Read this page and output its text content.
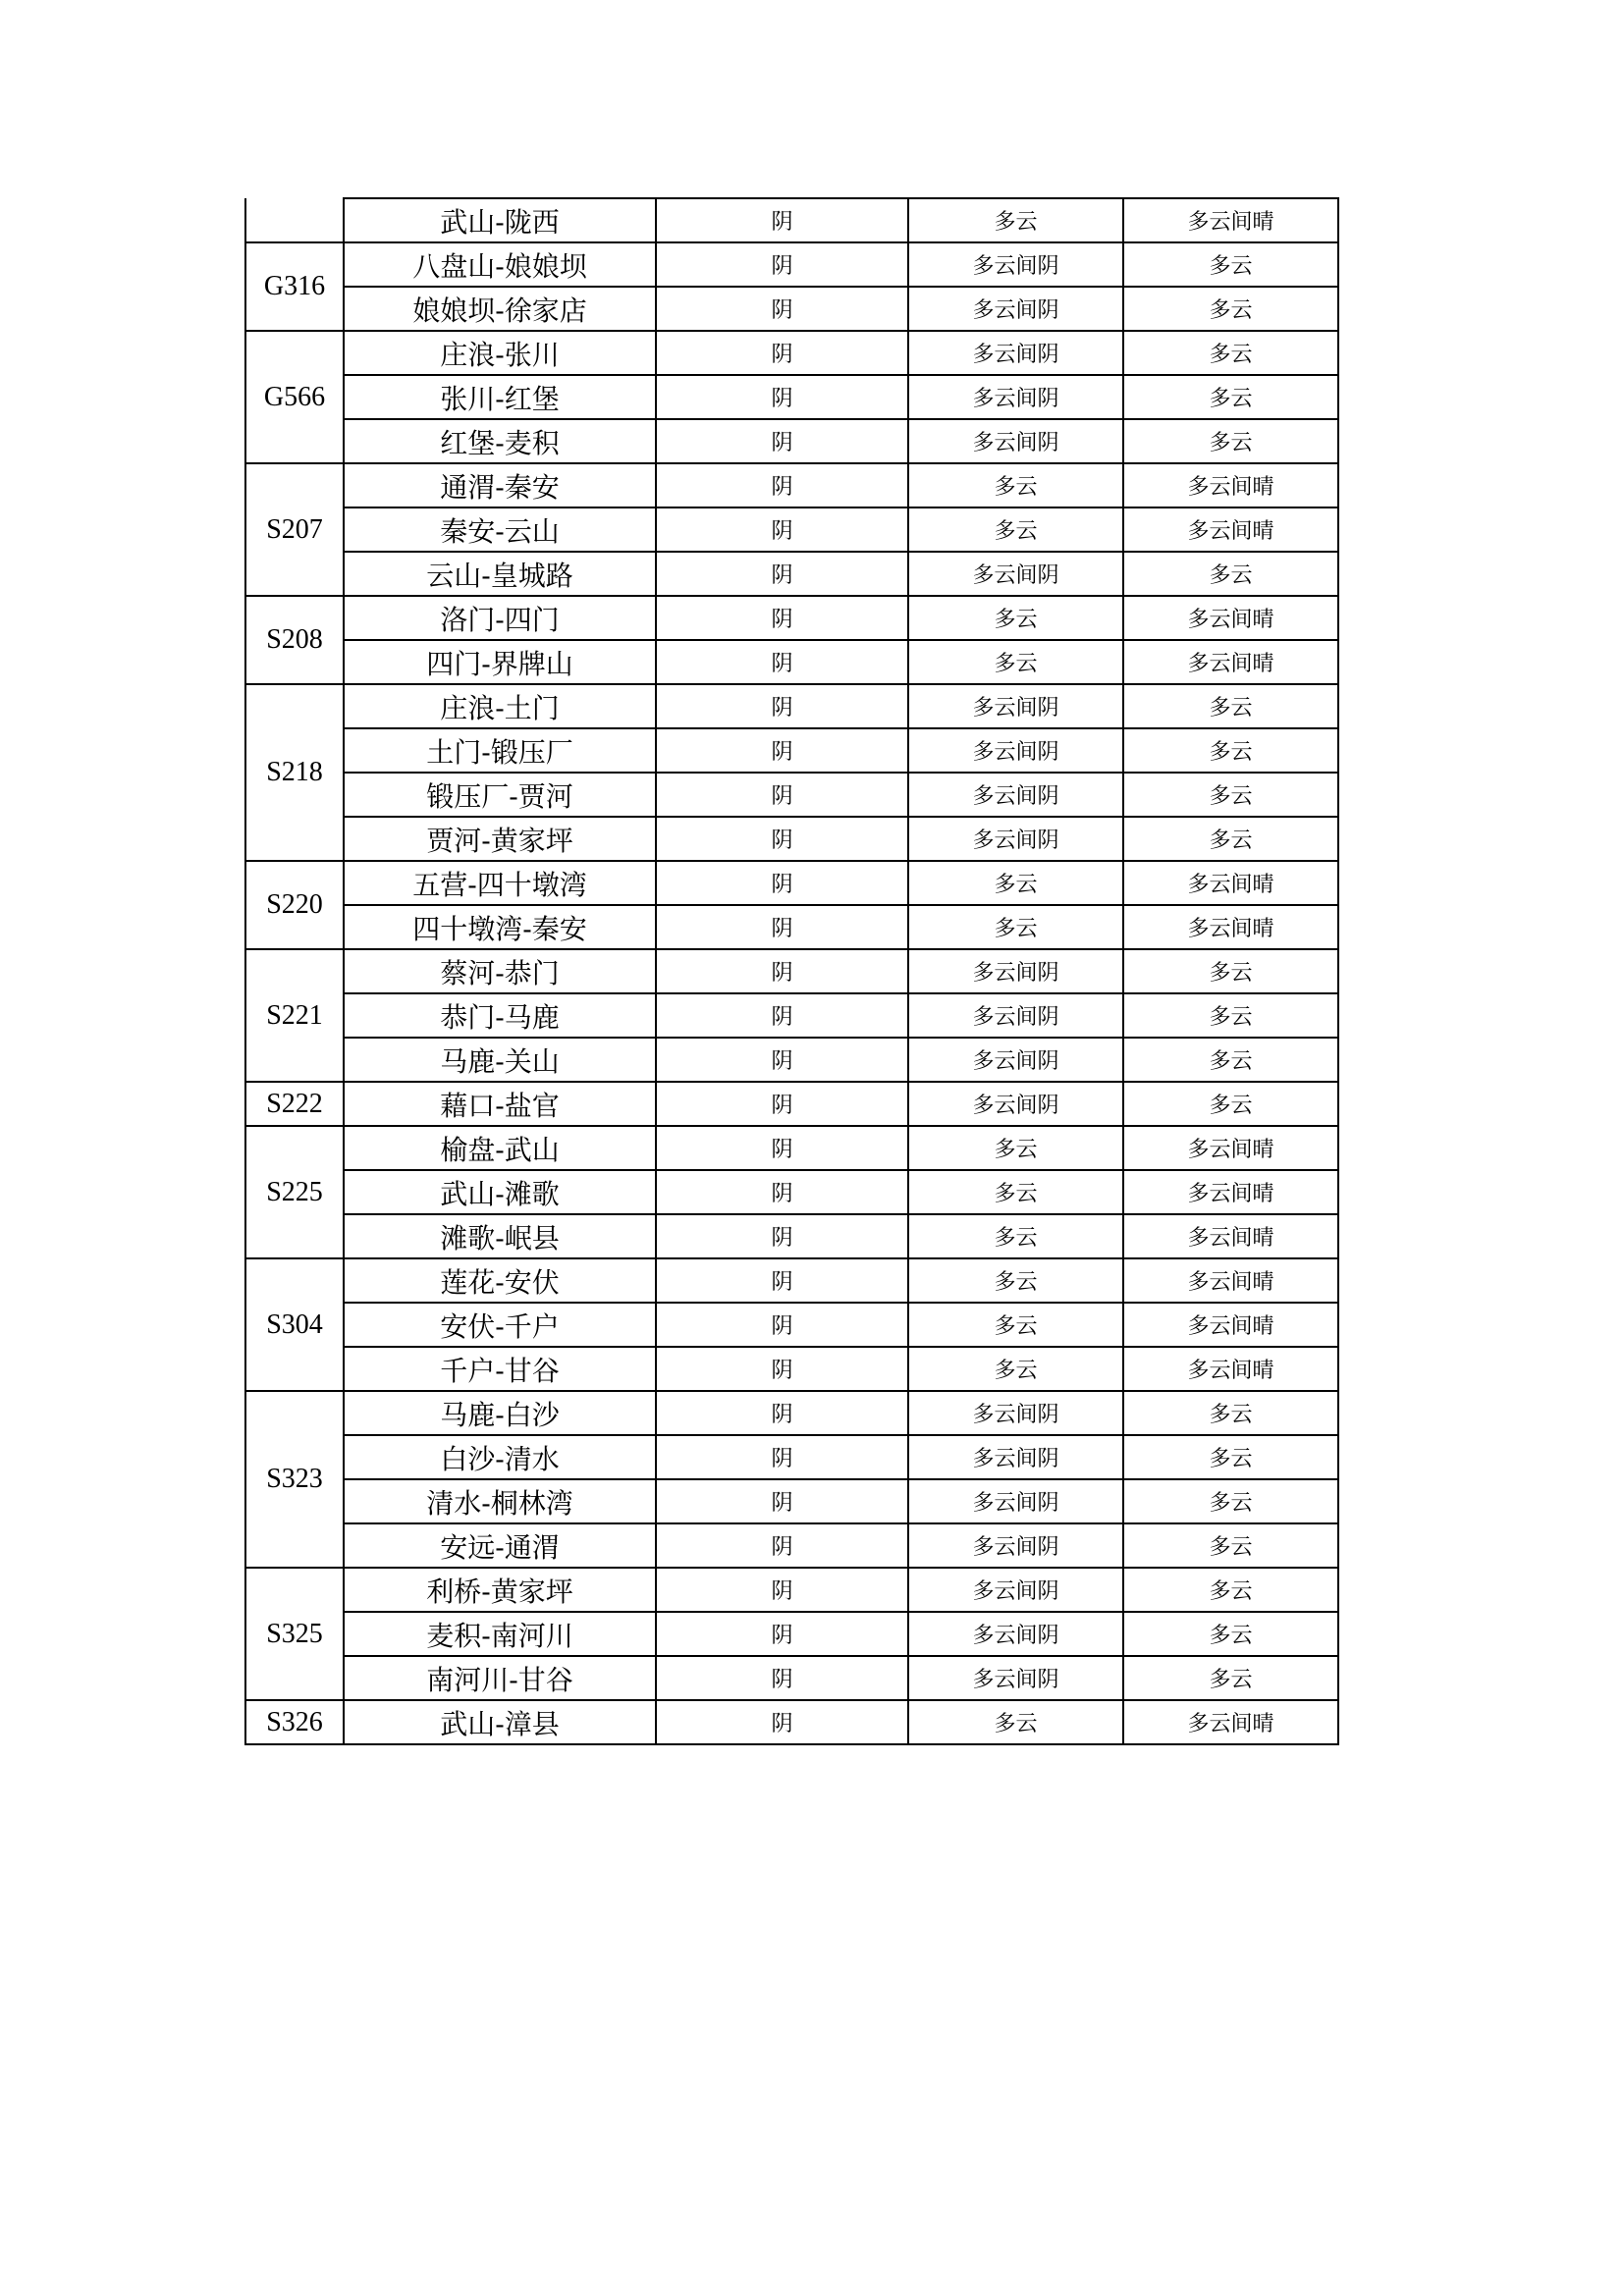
	武山-陇西	阴	多云	多云间晴
G316	八盘山-娘娘坝	阴	多云间阴	多云
	娘娘坝-徐家店	阴	多云间阴	多云
G566	庄浪-张川	阴	多云间阴	多云
	张川-红堡	阴	多云间阴	多云
	红堡-麦积	阴	多云间阴	多云
S207	通渭-秦安	阴	多云	多云间晴
	秦安-云山	阴	多云	多云间晴
	云山-皇城路	阴	多云间阴	多云
S208	洛门-四门	阴	多云	多云间晴
	四门-界牌山	阴	多云	多云间晴
S218	庄浪-土门	阴	多云间阴	多云
	土门-锻压厂	阴	多云间阴	多云
	锻压厂-贾河	阴	多云间阴	多云
	贾河-黄家坪	阴	多云间阴	多云
S220	五营-四十墩湾	阴	多云	多云间晴
	四十墩湾-秦安	阴	多云	多云间晴
S221	蔡河-恭门	阴	多云间阴	多云
	恭门-马鹿	阴	多云间阴	多云
	马鹿-关山	阴	多云间阴	多云
S222	藉口-盐官	阴	多云间阴	多云
S225	榆盘-武山	阴	多云	多云间晴
	武山-滩歌	阴	多云	多云间晴
	滩歌-岷县	阴	多云	多云间晴
S304	莲花-安伏	阴	多云	多云间晴
	安伏-千户	阴	多云	多云间晴
	千户-甘谷	阴	多云	多云间晴
S323	马鹿-白沙	阴	多云间阴	多云
	白沙-清水	阴	多云间阴	多云
	清水-桐林湾	阴	多云间阴	多云
	安远-通渭	阴	多云间阴	多云
S325	利桥-黄家坪	阴	多云间阴	多云
	麦积-南河川	阴	多云间阴	多云
	南河川-甘谷	阴	多云间阴	多云
S326	武山-漳县	阴	多云	多云间晴
